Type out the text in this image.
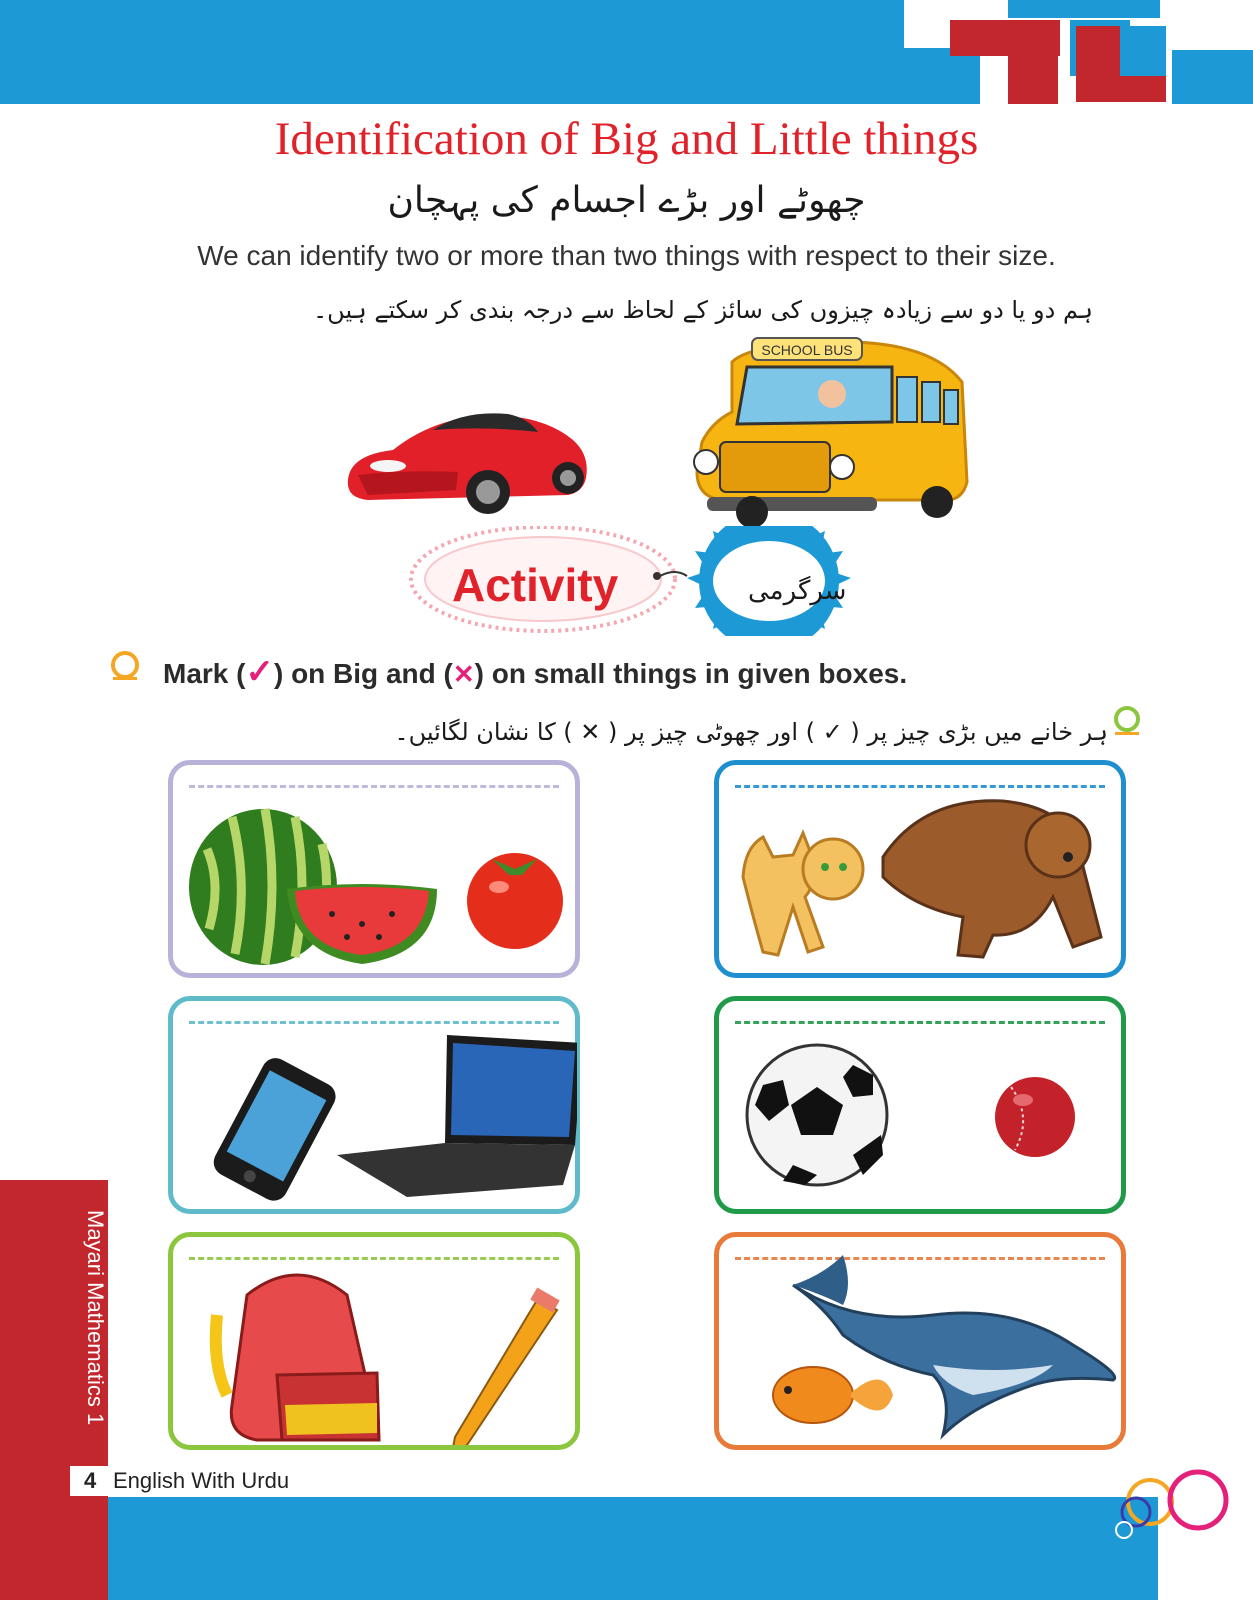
Identification of Big and Little things
چھوٹے اور بڑے اجسام کی پہچان
We can identify two or more than two things with respect to their size.
ہم دو یا دو سے زیادہ چیزوں کی سائز کے لحاظ سے درجہ بندی کر سکتے ہیں۔
SCHOOL BUS
Activity	سرگرمی
Mark (✓) on Big and (✕) on small things in given boxes.
ہر خانے میں بڑی چیز پر ( ✓ ) اور چھوٹی چیز پر ( ✕ ) کا نشان لگائیں۔
Mayari Mathematics 1
4 English With Urdu
